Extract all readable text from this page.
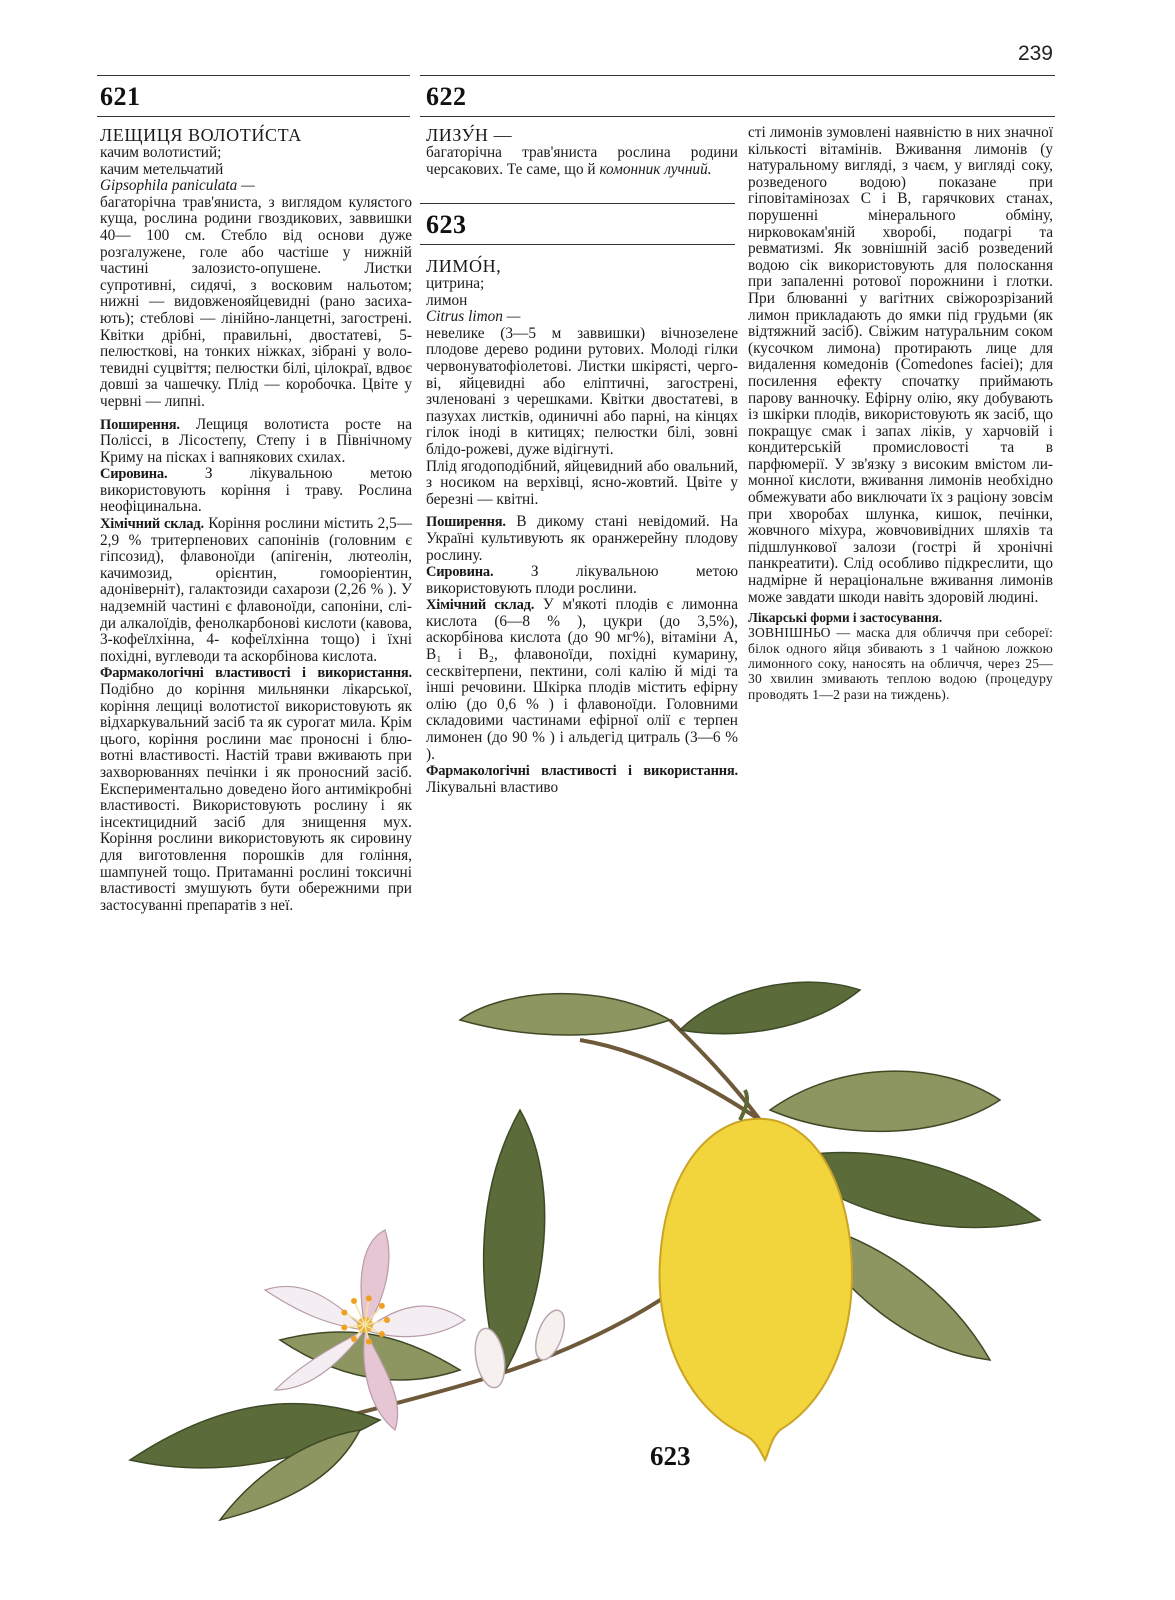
239
621	622
623

ЛЕЩИЦЯ ВОЛОТИ́СТА

качим волотистий;

качим метельчатий

Gipsophila paniculata —

багаторічна трав'яниста, з виглядом кулястого куща, рослина родини гвоздикових, заввишки 40— 100 см. Стебло від основи дуже розгалужене, голе або частіше у нижній частині залозисто-опушене. Листки супротивні, сидячі, з восковим нальотом; нижні — видовженояйцевидні (рано засихають); стеблові — лінійно-ланцетні, загострені. Квітки дрібні, правильні, двостатеві, 5-пелюсткові, на тонких ніжках, зібрані у волотевидні суцвіття; пелюстки білі, цілокраї, вдвоє довші за чашечку. Плід — коробочка. Цвіте у червні — липні.

Поширення. Лещиця волотиста росте на Поліссі, в Лісостепу, Степу і в Північному Криму на пісках і вапнякових схилах.

Сировина. З лікувальною метою використовують коріння і траву. Рослина неофіцинальна.

Хімічний склад. Коріння рослини містить 2,5—2,9 % тритерпенових сапонінів (головним є гіпсозид), флавоноїди (апігенін, лютеолін, качимозид, орієнтин, гомооріентин, адоніверніт), галактозиди сахарози (2,26 % ). У надземній частині є флавоноїди, сапоніни, сліди алкалоїдів, фенолкарбонові кислоти (кавова, 3-кофеїлхінна, 4- кофеїлхінна тощо) і їхні похідні, вуглеводи та аскорбінова кислота.

Фармакологічні властивості і використання. Подібно до коріння мильнянки лікарської, коріння лещиці волотистої використовують як відхаркувальний засіб та як сурогат мила. Крім цього, коріння рослини має проносні і блювотні властивості. Настій трави вживають при захворюваннях печінки і як проносний засіб. Експериментально доведено його антимікробні властивості. Використовують рослину і як інсектицидний засіб для знищення мух. Коріння рослини використовують як сировину для виготовлення порошків для гоління, шампуней тощо. Притаманні рослині токсичні властивості змушують бути обережними при застосуванні препаратів з неї.

ЛИЗУ́Н —

багаторічна трав'яниста рослина родини черсакових. Те саме, що й комонник лучний.

ЛИМО́Н,

цитрина;

лимон

Citrus limon —

невелике (3—5 м заввишки) вічнозелене плодове дерево родини рутових. Молоді гілки червонуватофіолетові. Листки шкірясті, чергові, яйцевидні або еліптичні, загострені, зчленовані з черешками. Квітки двостатеві, в пазухах листків, одиничні або парні, на кінцях гілок іноді в китицях; пелюстки білі, зовні блідо-рожеві, дуже відігнуті.

Плід ягодоподібний, яйцевидний або овальний, з носиком на верхівці, ясно-жовтий. Цвіте у березні — квітні.

Поширення. В дикому стані невідомий. На Україні культивують як оранжерейну плодову рослину.

Сировина. З лікувальною метою використовують плоди рослини.

Хімічний склад. У м'якоті плодів є лимонна кислота (6—8 % ), цукри (до 3,5%), аскорбінова кислота (до 90 мг%), вітаміни А, В₁ і В₂, флавоноїди, похідні кумарину, сесквітерпени, пектини, солі калію й міді та інші речовини. Шкірка плодів містить ефірну олію (до 0,6 % ) і флавоноїди. Головними складовими частинами ефірної олії є терпен лимонен (до 90 % ) і альдегід цитраль (3—6 % ).

Фармакологічні властивості і використання. Лікувальні властиво

сті лимонів зумовлені наявністю в них значної кількості вітамінів. Вживання лимонів (у натуральному вигляді, з чаєм, у вигляді соку, розведеного водою) показане при гіповітамінозах С і В, гарячкових станах, порушенні мінерального обміну, нирковокам'яній хворобі, подагрі та ревматизмі. Як зовнішній засіб розведений водою сік використовують для полоскання при запаленні ротової порожнини і глотки. При блюванні у вагітних свіжорозрізаний лимон прикладають до ямки під грудьми (як відтяжний засіб). Свіжим натуральним соком (кусочком лимона) протирають лице для видалення комедонів (Comedones faciei); для посилення ефекту спочатку приймають парову ванночку. Ефірну олію, яку добувають із шкірки плодів, використовують як засіб, що покращує смак і запах ліків, у харчовій і кондитерській промисловості та в парфюмерії. У зв'язку з високим вмістом лимонної кислоти, вживання лимонів необхідно обмежувати або виключати їх з раціону зовсім при хворобах шлунка, кишок, печінки, жовчного міхура, жовчовивідних шляхів та підшлункової залози (гострі й хронічні панкреатити). Слід особливо підкреслити, що надмірне й нераціональне вживання лимонів може завдати шкоди навіть здоровій людині.

Лікарські форми і застосування.

ЗОВНІШНЬО — маска для обличчя при себореї: білок одного яйця збивають з 1 чайною ложкою лимонного соку, наносять на обличчя, через 25—30 хвилин змивають теплою водою (процедуру проводять 1—2 рази на тиждень).

623
